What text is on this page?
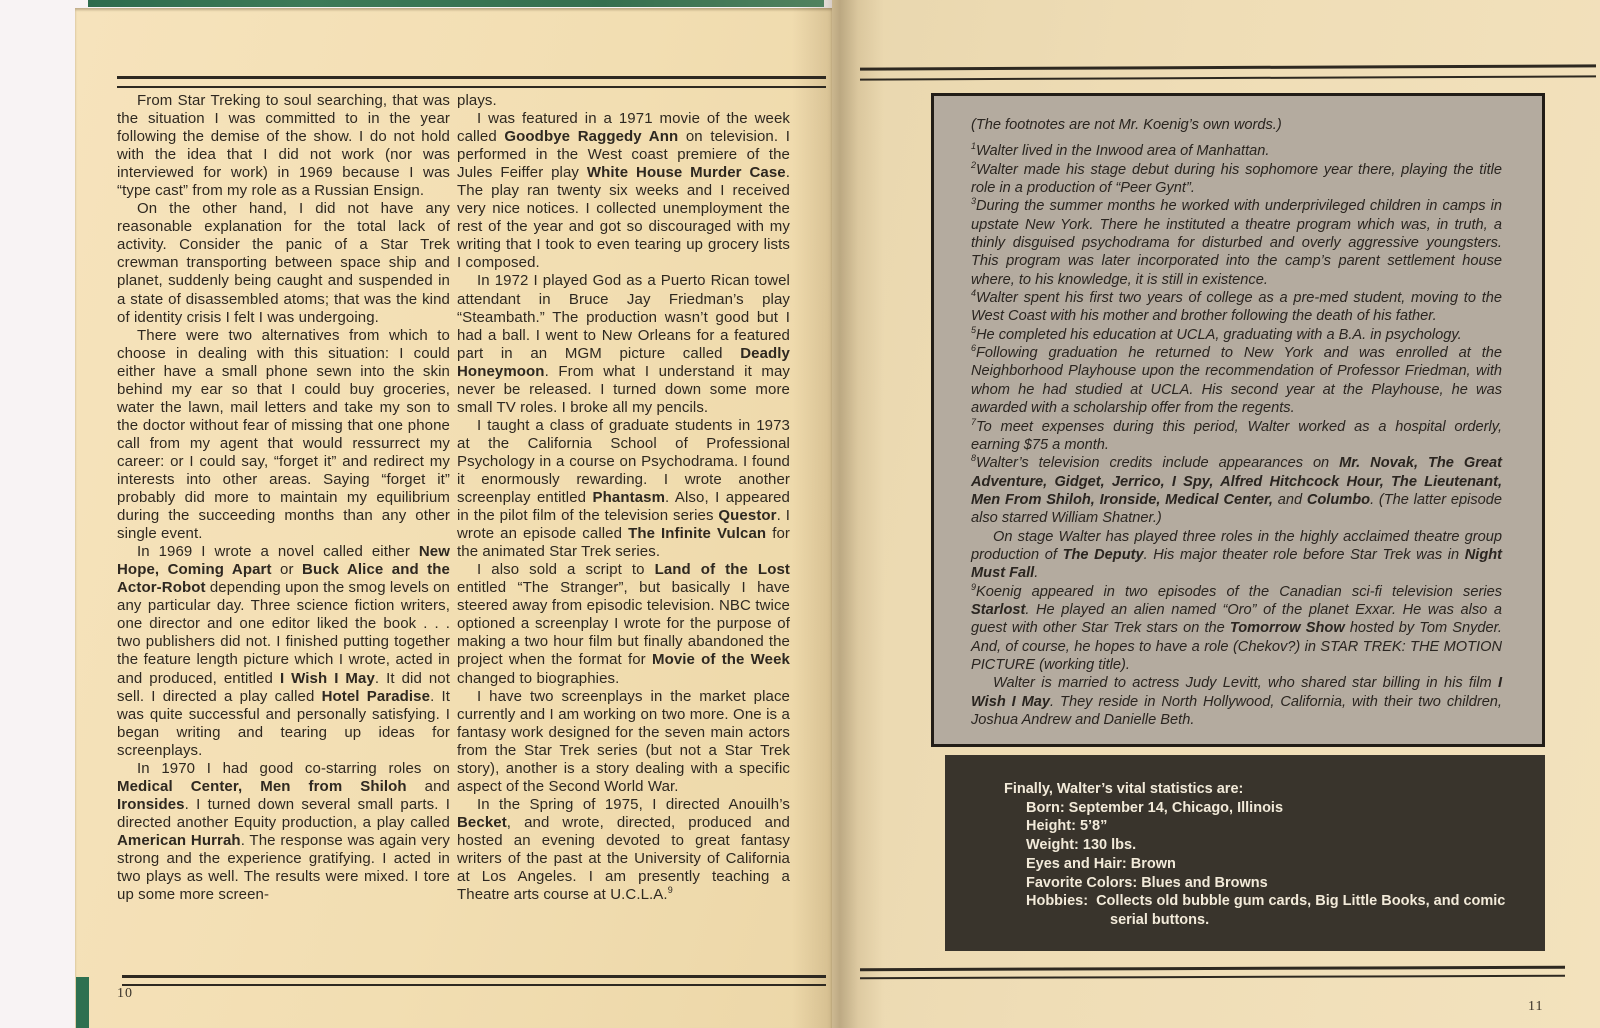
From Star Treking to soul searching, that was the situation I was committed to in the year following the demise of the show. I do not hold with the idea that I did not work (nor was interviewed for work) in 1969 because I was “type cast” from my role as a Russian Ensign.

On the other hand, I did not have any reasonable explanation for the total lack of activity. Consider the panic of a Star Trek crewman transporting between space ship and planet, suddenly being caught and suspended in a state of disassembled atoms; that was the kind of identity crisis I felt I was undergoing.

There were two alternatives from which to choose in dealing with this situation: I could either have a small phone sewn into the skin behind my ear so that I could buy groceries, water the lawn, mail letters and take my son to the doctor without fear of missing that one phone call from my agent that would ressurrect my career: or I could say, “forget it” and redirect my interests into other areas. Saying “forget it” probably did more to maintain my equilibrium during the succeeding months than any other single event.

In 1969 I wrote a novel called either New Hope, Coming Apart or Buck Alice and the Actor-Robot depending upon the smog levels on any particular day. Three science fiction writers, one director and one editor liked the book . . . two publishers did not. I finished putting together the feature length picture which I wrote, acted in and produced, entitled I Wish I May. It did not sell. I directed a play called Hotel Paradise. It was quite successful and personally satisfying. I began writing and tearing up ideas for screenplays.

In 1970 I had good co-starring roles on Medical Center, Men from Shiloh and Ironsides. I turned down several small parts. I directed another Equity production, a play called American Hurrah. The response was again very strong and the experience gratifying. I acted in two plays as well. The results were mixed. I tore up some more screen-

plays.

I was featured in a 1971 movie of the week called Goodbye Raggedy Ann on television. I performed in the West coast premiere of the Jules Feiffer play White House Murder Case. The play ran twenty six weeks and I received very nice notices. I collected unemployment the rest of the year and got so discouraged with my writing that I took to even tearing up grocery lists I composed.

In 1972 I played God as a Puerto Rican towel attendant in Bruce Jay Friedman’s play “Steambath.” The production wasn’t good but I had a ball. I went to New Orleans for a featured part in an MGM picture called Deadly Honeymoon. From what I understand it may never be released. I turned down some more small TV roles. I broke all my pencils.

I taught a class of graduate students in 1973 at the California School of Professional Psychology in a course on Psychodrama. I found it enormously rewarding. I wrote another screenplay entitled Phantasm. Also, I appeared in the pilot film of the television series Questor. I wrote an episode called The Infinite Vulcan for the animated Star Trek series.

I also sold a script to Land of the Lost entitled “The Stranger”, but basically I have steered away from episodic television. NBC twice optioned a screenplay I wrote for the purpose of making a two hour film but finally abandoned the project when the format for Movie of the Week changed to biographies.

I have two screenplays in the market place currently and I am working on two more. One is a fantasy work designed for the seven main actors from the Star Trek series (but not a Star Trek story), another is a story dealing with a specific aspect of the Second World War.

In the Spring of 1975, I directed Anouilh’s Becket, and wrote, directed, produced and hosted an evening devoted to great fantasy writers of the past at the University of California at Los Angeles. I am presently teaching a Theatre arts course at U.C.L.A.$^9$

(The footnotes are not Mr. Koenig’s own words.)

$^1$Walter lived in the Inwood area of Manhattan.

$^2$Walter made his stage debut during his sophomore year there, playing the title role in a production of “Peer Gynt”.

$^3$During the summer months he worked with underprivileged children in camps in upstate New York. There he instituted a theatre program which was, in truth, a thinly disguised psychodrama for disturbed and overly aggressive youngsters. This program was later incorporated into the camp’s parent settlement house where, to his knowledge, it is still in existence.

$^4$Walter spent his first two years of college as a pre-med student, moving to the West Coast with his mother and brother following the death of his father.

$^5$He completed his education at UCLA, graduating with a B.A. in psychology.

$^6$Following graduation he returned to New York and was enrolled at the Neighborhood Playhouse upon the recommendation of Professor Friedman, with whom he had studied at UCLA. His second year at the Playhouse, he was awarded with a scholarship offer from the regents.

$^7$To meet expenses during this period, Walter worked as a hospital orderly, earning $75 a month.

$^8$Walter’s television credits include appearances on Mr. Novak, The Great Adventure, Gidget, Jerrico, I Spy, Alfred Hitchcock Hour, The Lieutenant, Men From Shiloh, Ironside, Medical Center, and Columbo. (The latter episode also starred William Shatner.)

On stage Walter has played three roles in the highly acclaimed theatre group production of The Deputy. His major theater role before Star Trek was in Night Must Fall.

$^9$Koenig appeared in two episodes of the Canadian sci-fi television series Starlost. He played an alien named “Oro” of the planet Exxar. He was also a guest with other Star Trek stars on the Tomorrow Show hosted by Tom Snyder. And, of course, he hopes to have a role (Chekov?) in STAR TREK: THE MOTION PICTURE (working title).

Walter is married to actress Judy Levitt, who shared star billing in his film I Wish I May. They reside in North Hollywood, California, with their two children, Joshua Andrew and Danielle Beth.

Finally, Walter’s vital statistics are:

Born: September 14, Chicago, Illinois

Height: 5’8”

Weight: 130 lbs.

Eyes and Hair: Brown

Favorite Colors: Blues and Browns

Hobbies:  Collects old bubble gum cards, Big Little Books, and comic serial buttons.

10
11
